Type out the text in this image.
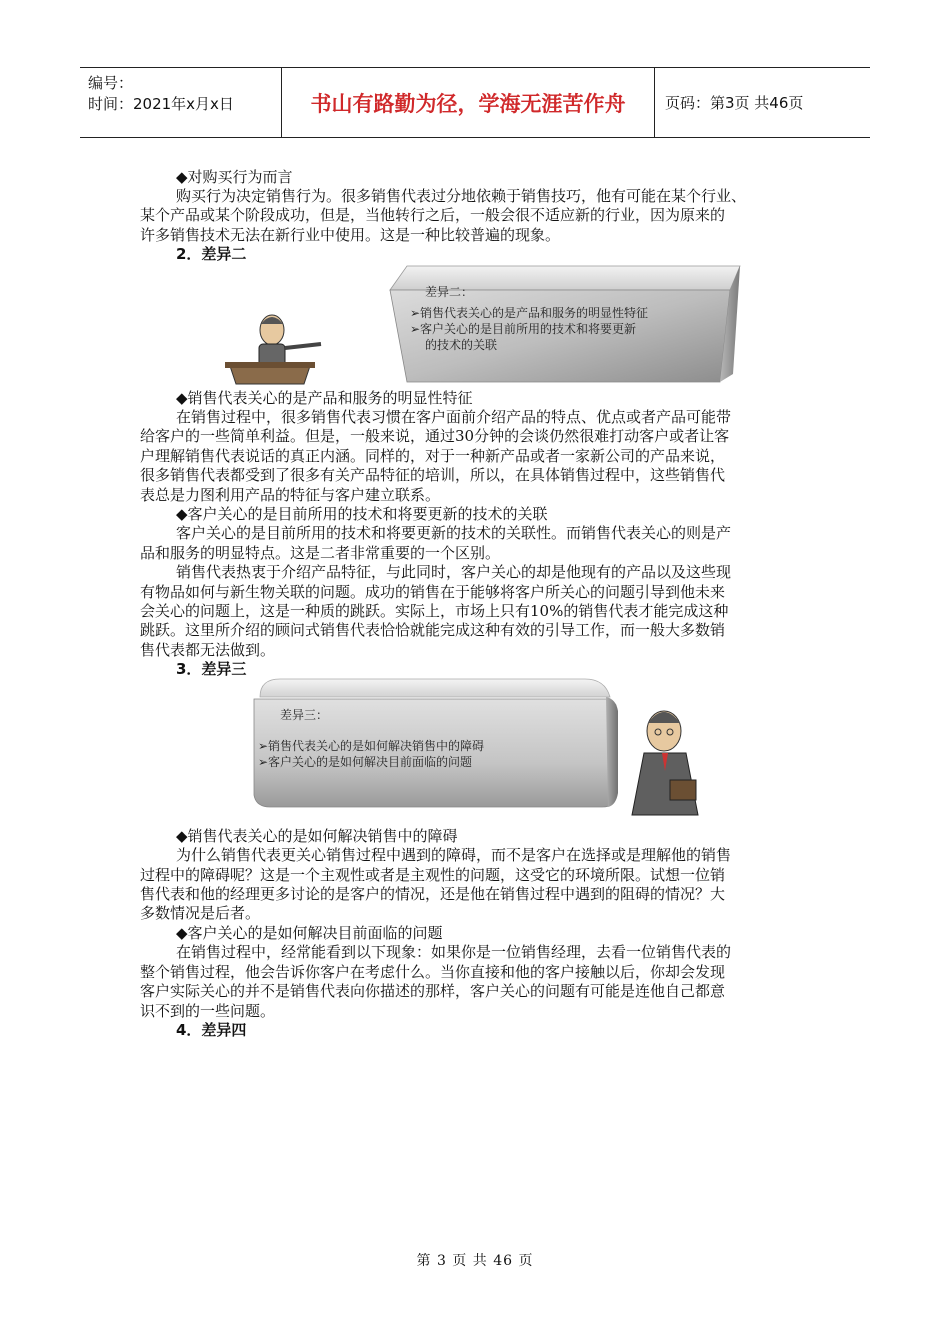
编号：
时间：2021年x月x日	书山有路勤为径，学海无涯苦作舟	页码：第3页 共46页
◆对购买行为而言
购买行为决定销售行为。很多销售代表过分地依赖于销售技巧，他有可能在某个行业、
某个产品或某个阶段成功，但是，当他转行之后，一般会很不适应新的行业，因为原来的
许多销售技术无法在新行业中使用。这是一种比较普遍的现象。
2．差异二
差异二：
➢销售代表关心的是产品和服务的明显性特征
➢客户关心的是目前所用的技术和将要更新
的技术的关联
◆销售代表关心的是产品和服务的明显性特征
在销售过程中，很多销售代表习惯在客户面前介绍产品的特点、优点或者产品可能带
给客户的一些简单利益。但是，一般来说，通过30分钟的会谈仍然很难打动客户或者让客
户理解销售代表说话的真正内涵。同样的，对于一种新产品或者一家新公司的产品来说，
很多销售代表都受到了很多有关产品特征的培训，所以，在具体销售过程中，这些销售代
表总是力图利用产品的特征与客户建立联系。
◆客户关心的是目前所用的技术和将要更新的技术的关联
客户关心的是目前所用的技术和将要更新的技术的关联性。而销售代表关心的则是产
品和服务的明显特点。这是二者非常重要的一个区别。
销售代表热衷于介绍产品特征，与此同时，客户关心的却是他现有的产品以及这些现
有物品如何与新生物关联的问题。成功的销售在于能够将客户所关心的问题引导到他未来
会关心的问题上，这是一种质的跳跃。实际上，市场上只有10%的销售代表才能完成这种
跳跃。这里所介绍的顾问式销售代表恰恰就能完成这种有效的引导工作，而一般大多数销
售代表都无法做到。
3．差异三
差异三：
➢销售代表关心的是如何解决销售中的障碍
➢客户关心的是如何解决目前面临的问题
◆销售代表关心的是如何解决销售中的障碍
为什么销售代表更关心销售过程中遇到的障碍，而不是客户在选择或是理解他的销售
过程中的障碍呢？这是一个主观性或者是主观性的问题，这受它的环境所限。试想一位销
售代表和他的经理更多讨论的是客户的情况，还是他在销售过程中遇到的阻碍的情况？大
多数情况是后者。
◆客户关心的是如何解决目前面临的问题
在销售过程中，经常能看到以下现象：如果你是一位销售经理，去看一位销售代表的
整个销售过程，他会告诉你客户在考虑什么。当你直接和他的客户接触以后，你却会发现
客户实际关心的并不是销售代表向你描述的那样，客户关心的问题有可能是连他自己都意
识不到的一些问题。
4．差异四
第 3 页 共 46 页
